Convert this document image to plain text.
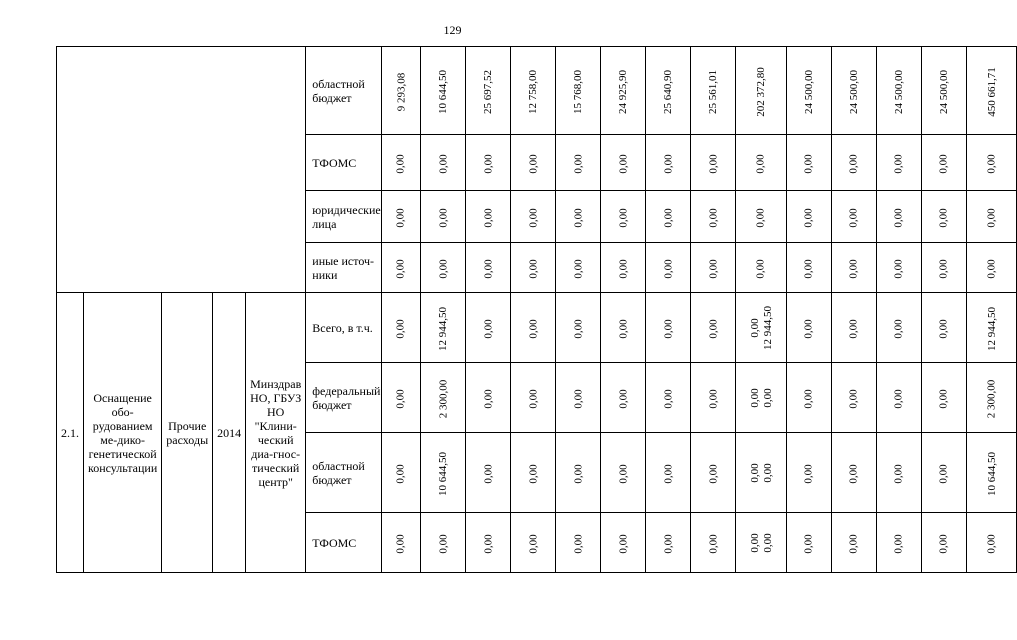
129
					областной бюджет	9 293,08	10 644,50	25 697,52	12 758,00	15 768,00	24 925,90	25 640,90	25 561,01	202 372,80	24 500,00	24 500,00	24 500,00	24 500,00	450 661,71
					ТФОМС	0,00	0,00	0,00	0,00	0,00	0,00	0,00	0,00	0,00	0,00	0,00	0,00	0,00	0,00
					юридические лица	0,00	0,00	0,00	0,00	0,00	0,00	0,00	0,00	0,00	0,00	0,00	0,00	0,00	0,00
					иные источ-ники	0,00	0,00	0,00	0,00	0,00	0,00	0,00	0,00	0,00	0,00	0,00	0,00	0,00	0,00
2.1.	Оснащение обо-рудованием ме-дико-генетической консультации	Прочие расходы	2014	Минздрав НО, ГБУЗ НО "Клини-ческий диа-гнос-тический центр"	Всего, в т.ч.	0,00	12 944,50	0,00	0,00	0,00	0,00	0,00	0,00	0,00 12 944,50	0,00	0,00	0,00	0,00	12 944,50
					федеральный бюджет	0,00	2 300,00	0,00	0,00	0,00	0,00	0,00	0,00	0,00 0,00	0,00	0,00	0,00	0,00	2 300,00
					областной бюджет	0,00	10 644,50	0,00	0,00	0,00	0,00	0,00	0,00	0,00 0,00	0,00	0,00	0,00	0,00	10 644,50
					ТФОМС	0,00	0,00	0,00	0,00	0,00	0,00	0,00	0,00	0,00 0,00	0,00	0,00	0,00	0,00	0,00
